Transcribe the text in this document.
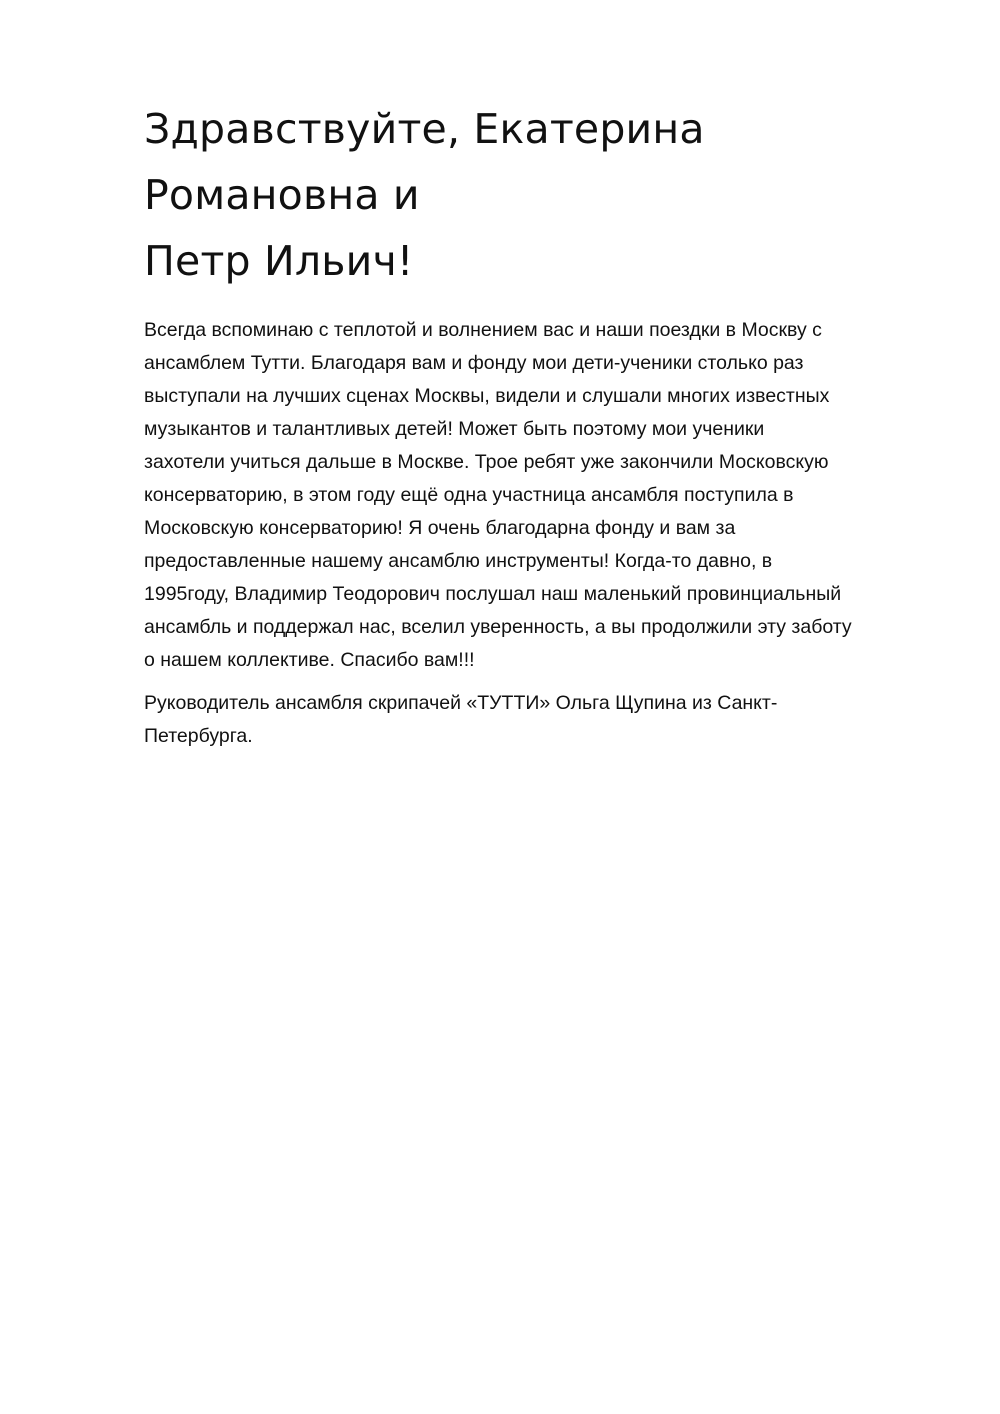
Здравствуйте, Екатерина Романовна и
Петр Ильич!

Всегда вспоминаю с теплотой и волнением вас и наши поездки в Москву с
ансамблем Тутти. Благодаря вам и фонду мои дети-ученики столько раз
выступали на лучших сценах Москвы, видели и слушали многих известных
музыкантов и талантливых детей! Может быть поэтому мои ученики
захотели учиться дальше в Москве. Трое ребят уже закончили Московскую
консерваторию, в этом году ещё одна участница ансамбля поступила в
Московскую консерваторию! Я очень благодарна фонду и вам за
предоставленные нашему ансамблю инструменты! Когда-то давно, в
1995году, Владимир Теодорович послушал наш маленький провинциальный
ансамбль и поддержал нас, вселил уверенность, а вы продолжили эту заботу
о нашем коллективе. Спасибо вам!!!

Руководитель ансамбля скрипачей «ТУТТИ» Ольга Щупина из Санкт-
Петербурга.
